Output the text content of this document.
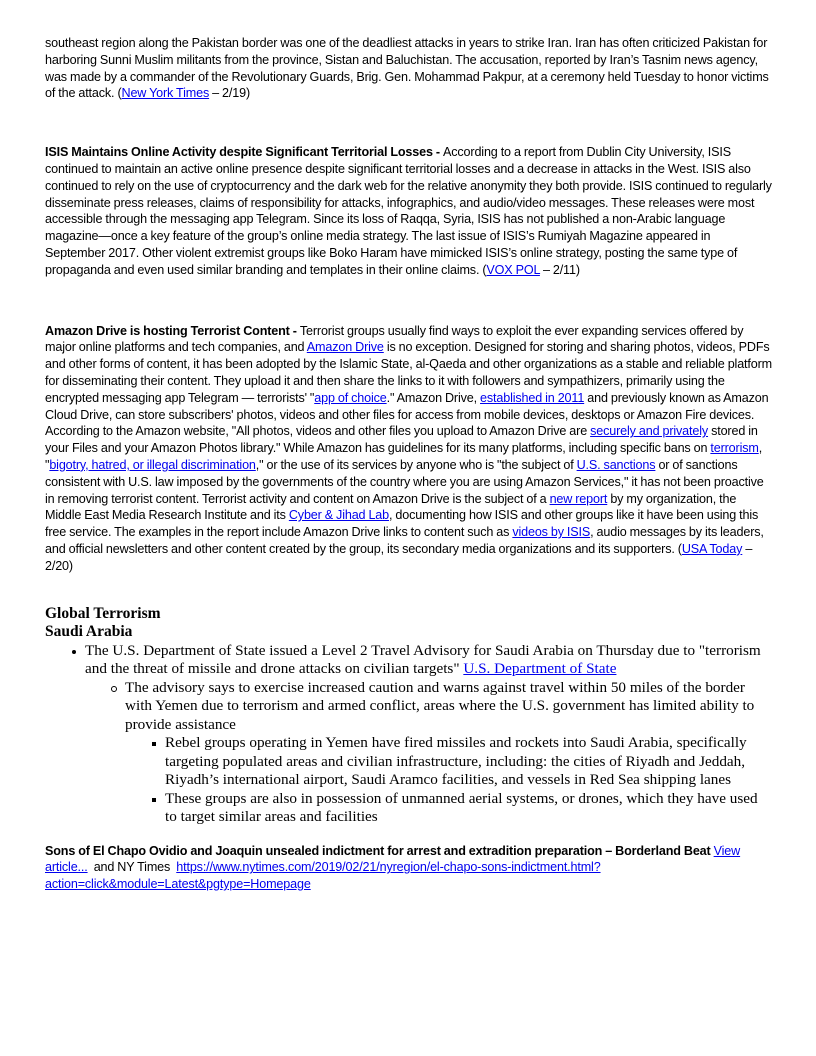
southeast region along the Pakistan border was one of the deadliest attacks in years to strike Iran. Iran has often criticized Pakistan for harboring Sunni Muslim militants from the province, Sistan and Baluchistan. The accusation, reported by Iran’s Tasnim news agency, was made by a commander of the Revolutionary Guards, Brig. Gen. Mohammad Pakpur, at a ceremony held Tuesday to honor victims of the attack. (New York Times – 2/19)

ISIS Maintains Online Activity despite Significant Territorial Losses - According to a report from Dublin City University, ISIS continued to maintain an active online presence despite significant territorial losses and a decrease in attacks in the West. ISIS also continued to rely on the use of cryptocurrency and the dark web for the relative anonymity they both provide. ISIS continued to regularly disseminate press releases, claims of responsibility for attacks, infographics, and audio/video messages. These releases were most accessible through the messaging app Telegram. Since its loss of Raqqa, Syria, ISIS has not published a non-Arabic language magazine—once a key feature of the group’s online media strategy. The last issue of ISIS’s Rumiyah Magazine appeared in September 2017. Other violent extremist groups like Boko Haram have mimicked ISIS’s online strategy, posting the same type of propaganda and even used similar branding and templates in their online claims. (VOX POL – 2/11)

Amazon Drive is hosting Terrorist Content - Terrorist groups usually find ways to exploit the ever expanding services offered by major online platforms and tech companies, and Amazon Drive is no exception. Designed for storing and sharing photos, videos, PDFs and other forms of content, it has been adopted by the Islamic State, al-Qaeda and other organizations as a stable and reliable platform for disseminating their content. They upload it and then share the links to it with followers and sympathizers, primarily using the encrypted messaging app Telegram — terrorists' "app of choice." Amazon Drive, established in 2011 and previously known as Amazon Cloud Drive, can store subscribers' photos, videos and other files for access from mobile devices, desktops or Amazon Fire devices. According to the Amazon website, "All photos, videos and other files you upload to Amazon Drive are securely and privately stored in your Files and your Amazon Photos library." While Amazon has guidelines for its many platforms, including specific bans on terrorism, "bigotry, hatred, or illegal discrimination," or the use of its services by anyone who is "the subject of U.S. sanctions or of sanctions consistent with U.S. law imposed by the governments of the country where you are using Amazon Services," it has not been proactive in removing terrorist content. Terrorist activity and content on Amazon Drive is the subject of a new report by my organization, the Middle East Media Research Institute and its Cyber & Jihad Lab, documenting how ISIS and other groups like it have been using this free service. The examples in the report include Amazon Drive links to content such as videos by ISIS, audio messages by its leaders, and official newsletters and other content created by the group, its secondary media organizations and its supporters. (USA Today – 2/20)

Global Terrorism
Saudi Arabia
The U.S. Department of State issued a Level 2 Travel Advisory for Saudi Arabia on Thursday due to "terrorism and the threat of missile and drone attacks on civilian targets" U.S. Department of State
The advisory says to exercise increased caution and warns against travel within 50 miles of the border with Yemen due to terrorism and armed conflict, areas where the U.S. government has limited ability to provide assistance
Rebel groups operating in Yemen have fired missiles and rockets into Saudi Arabia, specifically targeting populated areas and civilian infrastructure, including: the cities of Riyadh and Jeddah, Riyadh’s international airport, Saudi Aramco facilities, and vessels in Red Sea shipping lanes
These groups are also in possession of unmanned aerial systems, or drones, which they have used to target similar areas and facilities

Sons of El Chapo Ovidio and Joaquin unsealed indictment for arrest and extradition preparation – Borderland Beat View article...  and NY Times  https://www.nytimes.com/2019/02/21/nyregion/el-chapo-sons-indictment.html?action=click&module=Latest&pgtype=Homepage
